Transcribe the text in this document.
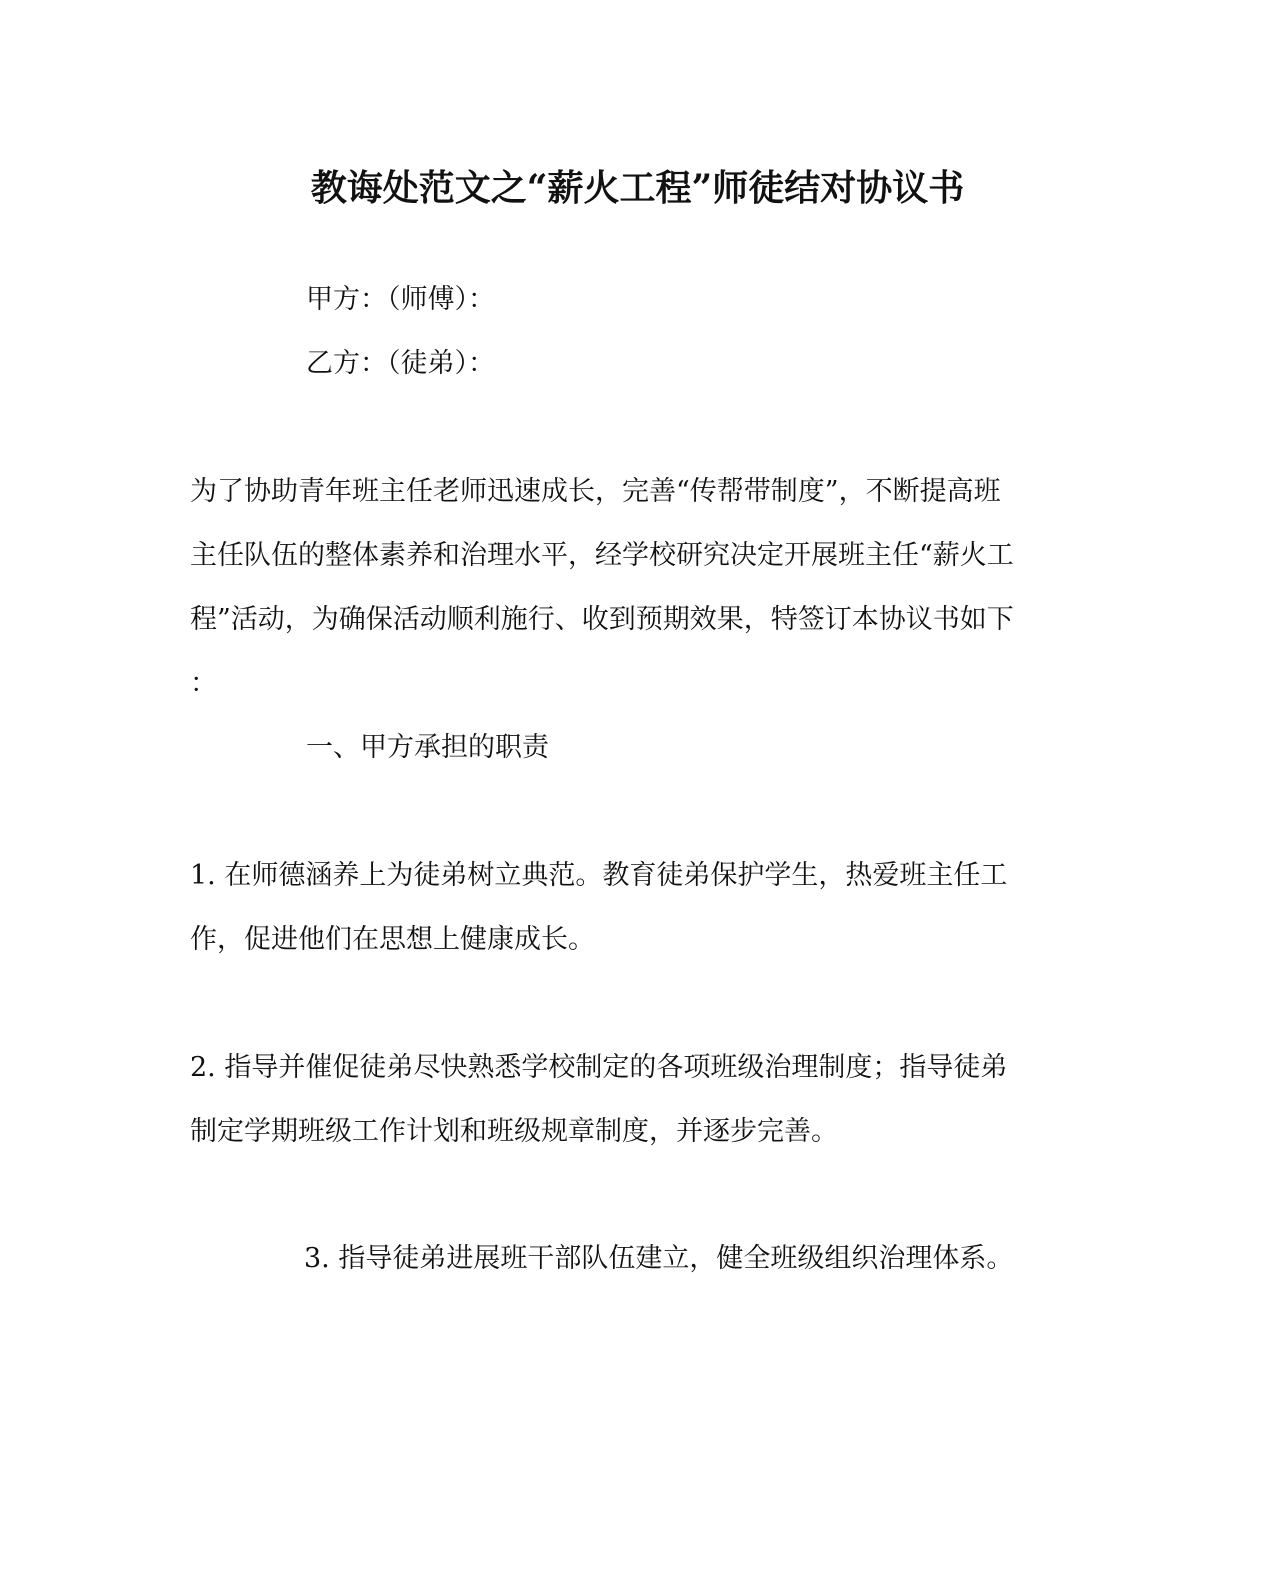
教诲处范文之“薪火工程”师徒结对协议书
甲方：（师傅）：
乙方：（徒弟）：
为了协助青年班主任老师迅速成长，完善“传帮带制度”，不断提高班
主任队伍的整体素养和治理水平，经学校研究决定开展班主任“薪火工
程”活动，为确保活动顺利施行、收到预期效果，特签订本协议书如下
：
一、甲方承担的职责
1. 在师德涵养上为徒弟树立典范。教育徒弟保护学生，热爱班主任工
作，促进他们在思想上健康成长。
2. 指导并催促徒弟尽快熟悉学校制定的各项班级治理制度；指导徒弟
制定学期班级工作计划和班级规章制度，并逐步完善。
3. 指导徒弟进展班干部队伍建立，健全班级组织治理体系。
